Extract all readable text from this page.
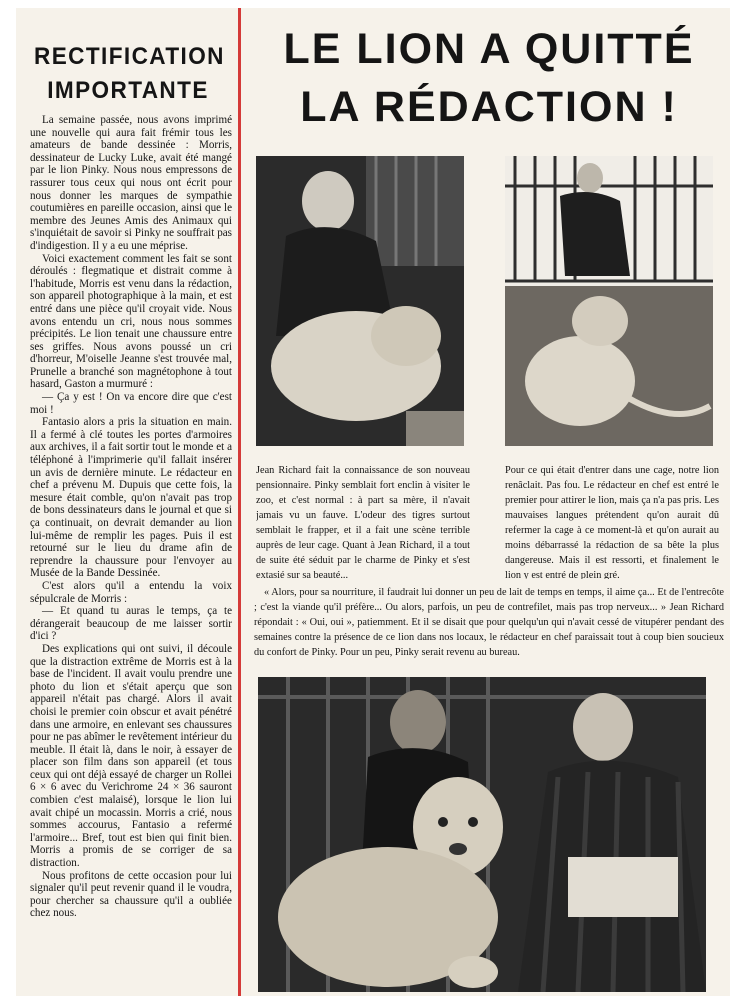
RECTIFICATION
IMPORTANTE

La semaine passée, nous avons imprimé une nouvelle qui aura fait frémir tous les amateurs de bande dessinée : Morris, dessinateur de Lucky Luke, avait été mangé par le lion Pinky. Nous nous empressons de rassurer tous ceux qui nous ont écrit pour nous donner les marques de sympathie coutumières en pareille occasion, ainsi que le membre des Jeunes Amis des Animaux qui s'inquiétait de savoir si Pinky ne souffrait pas d'indigestion. Il y a eu une méprise.

Voici exactement comment les fait se sont déroulés : flegmatique et distrait comme à l'habitude, Morris est venu dans la rédaction, son appareil photographique à la main, et est entré dans une pièce qu'il croyait vide. Nous avons entendu un cri, nous nous sommes précipités. Le lion tenait une chaussure entre ses griffes. Nous avons poussé un cri d'horreur, M'oiselle Jeanne s'est trouvée mal, Prunelle a branché son magnétophone à tout hasard, Gaston a murmuré :

— Ça y est ! On va encore dire que c'est moi !

Fantasio alors a pris la situation en main. Il a fermé à clé toutes les portes d'armoires aux archives, il a fait sortir tout le monde et a téléphoné à l'imprimerie qu'il fallait insérer un avis de dernière minute. Le rédacteur en chef a prévenu M. Dupuis que cette fois, la mesure était comble, qu'on n'avait pas trop de bons dessinateurs dans le journal et que si ça continuait, on devrait demander au lion lui-même de remplir les pages. Puis il est retourné sur le lieu du drame afin de reprendre la chaussure pour l'envoyer au Musée de la Bande Dessinée.

C'est alors qu'il a entendu la voix sépulcrale de Morris :

— Et quand tu auras le temps, ça te dérangerait beaucoup de me laisser sortir d'ici ?

Des explications qui ont suivi, il découle que la distraction extrême de Morris est à la base de l'incident. Il avait voulu prendre une photo du lion et s'était aperçu que son appareil n'était pas chargé. Alors il avait choisi le premier coin obscur et avait pénétré dans une armoire, en enlevant ses chaussures pour ne pas abîmer le revêtement intérieur du meuble. Il était là, dans le noir, à essayer de placer son film dans son appareil (et tous ceux qui ont déjà essayé de charger un Rollei 6 × 6 avec du Verichrome 24 × 36 sauront combien c'est malaisé), lorsque le lion lui avait chipé un mocassin. Morris a crié, nous sommes accourus, Fantasio a refermé l'armoire... Bref, tout est bien qui finit bien. Morris a promis de se corriger de sa distraction.

Nous profitons de cette occasion pour lui signaler qu'il peut revenir quand il le voudra, pour chercher sa chaussure qu'il a oubliée chez nous.

LE LION A QUITTÉ
LA RÉDACTION !

Jean Richard fait la connaissance de son nouveau pensionnaire. Pinky semblait fort enclin à visiter le zoo, et c'est normal : à part sa mère, il n'avait jamais vu un fauve. L'odeur des tigres surtout semblait le frapper, et il a fait une scène terrible auprès de leur cage. Quant à Jean Richard, il a tout de suite été séduit par le charme de Pinky et s'est extasié sur sa beauté...

Pour ce qui était d'entrer dans une cage, notre lion renâclait. Pas fou. Le rédacteur en chef est entré le premier pour attirer le lion, mais ça n'a pas pris. Les mauvaises langues prétendent qu'on aurait dû refermer la cage à ce moment-là et qu'on aurait au moins débarrassé la rédaction de sa bête la plus dangereuse. Mais il est ressorti, et finalement le lion y est entré de plein gré.

« Alors, pour sa nourriture, il faudrait lui donner un peu de lait de temps en temps, il aime ça... Et de l'entrecôte ; c'est la viande qu'il préfère... Ou alors, parfois, un peu de contrefilet, mais pas trop nerveux... » Jean Richard répondait : « Oui, oui », patiemment. Et il se disait que pour quelqu'un qui n'avait cessé de vitupérer pendant des semaines contre la présence de ce lion dans nos locaux, le rédacteur en chef paraissait tout à coup bien soucieux du confort de Pinky. Pour un peu, Pinky serait revenu au bureau.
